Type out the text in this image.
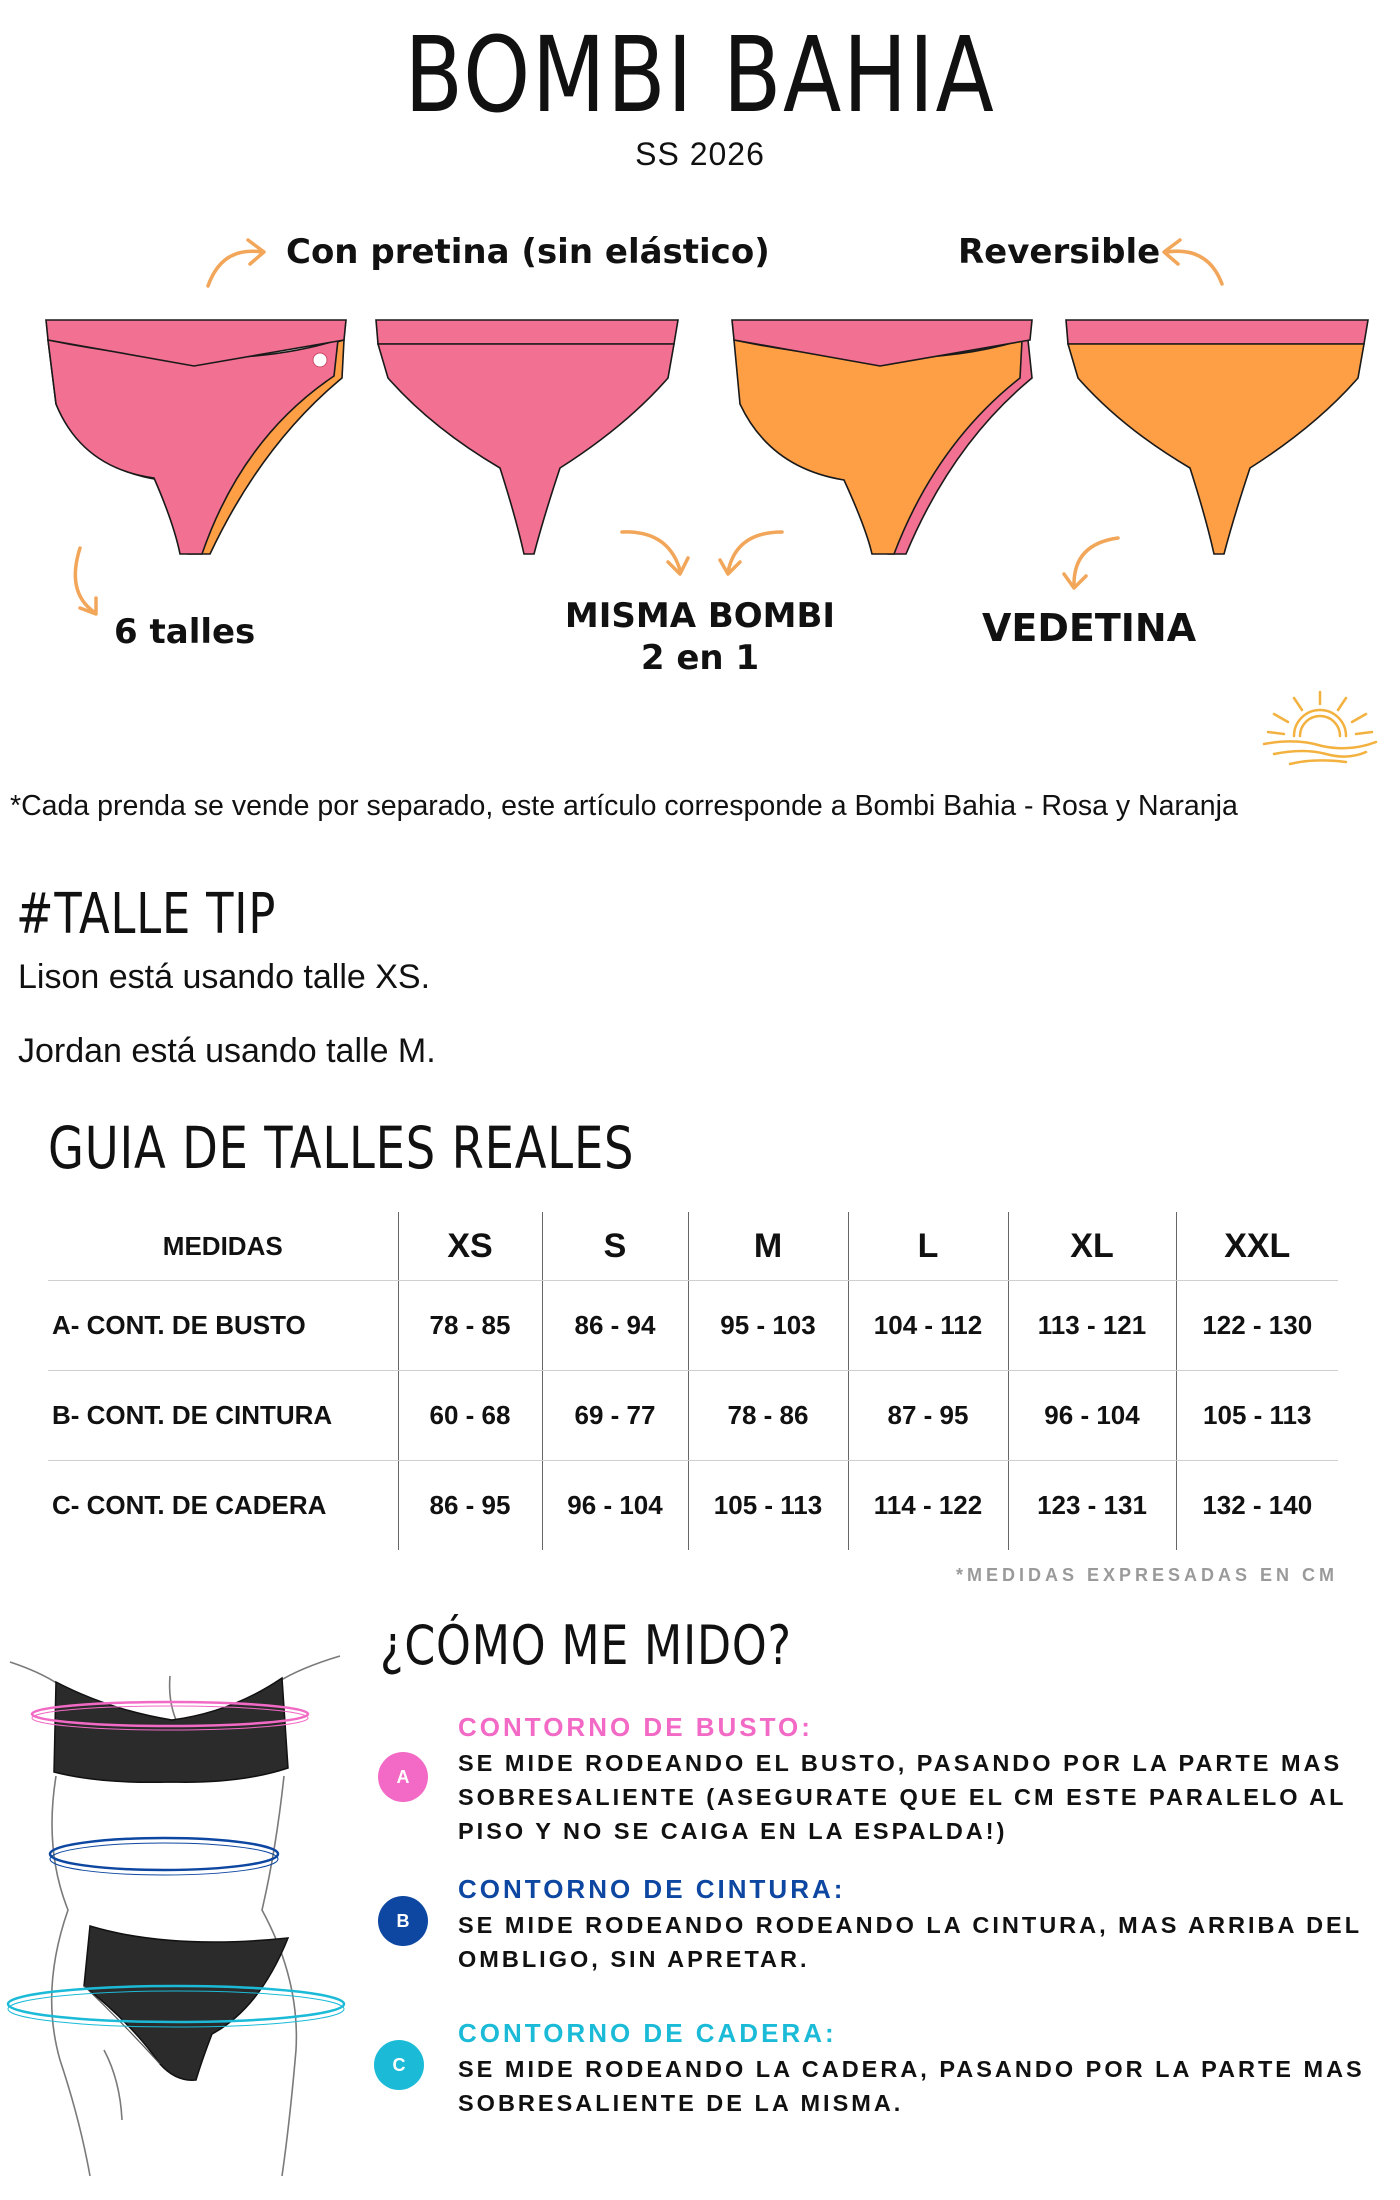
BOMBI BAHIA
SS 2026
Con pretina (sin elástico)	Reversible
6 talles	MISMA BOMBI
2 en 1
VEDETINA
*Cada prenda se vende por separado, este artículo corresponde a Bombi Bahia - Rosa y Naranja
#TALLE TIP
Lison está usando talle XS.
Jordan está usando talle M.
GUIA DE TALLES REALES
MEDIDAS	XS	S	M	L	XL	XXL
A- CONT. DE BUSTO	78 - 85	86 - 94	95 - 103	104 - 112	113 - 121	122 - 130
B- CONT. DE CINTURA	60 - 68	69 - 77	78 - 86	87 - 95	96 - 104	105 - 113
C- CONT. DE CADERA	86 - 95	96 - 104	105 - 113	114 - 122	123 - 131	132 - 140
*MEDIDAS EXPRESADAS EN CM
¿CÓMO ME MIDO?
A
CONTORNO DE BUSTO:
SE MIDE RODEANDO EL BUSTO, PASANDO POR LA PARTE MAS SOBRESALIENTE (ASEGURATE QUE EL CM ESTE PARALELO AL PISO Y NO SE CAIGA EN LA ESPALDA!)
B
CONTORNO DE CINTURA:
SE MIDE RODEANDO RODEANDO LA CINTURA, MAS ARRIBA DEL OMBLIGO, SIN APRETAR.
C
CONTORNO DE CADERA:
SE MIDE RODEANDO LA CADERA, PASANDO POR LA PARTE MAS SOBRESALIENTE DE LA MISMA.
